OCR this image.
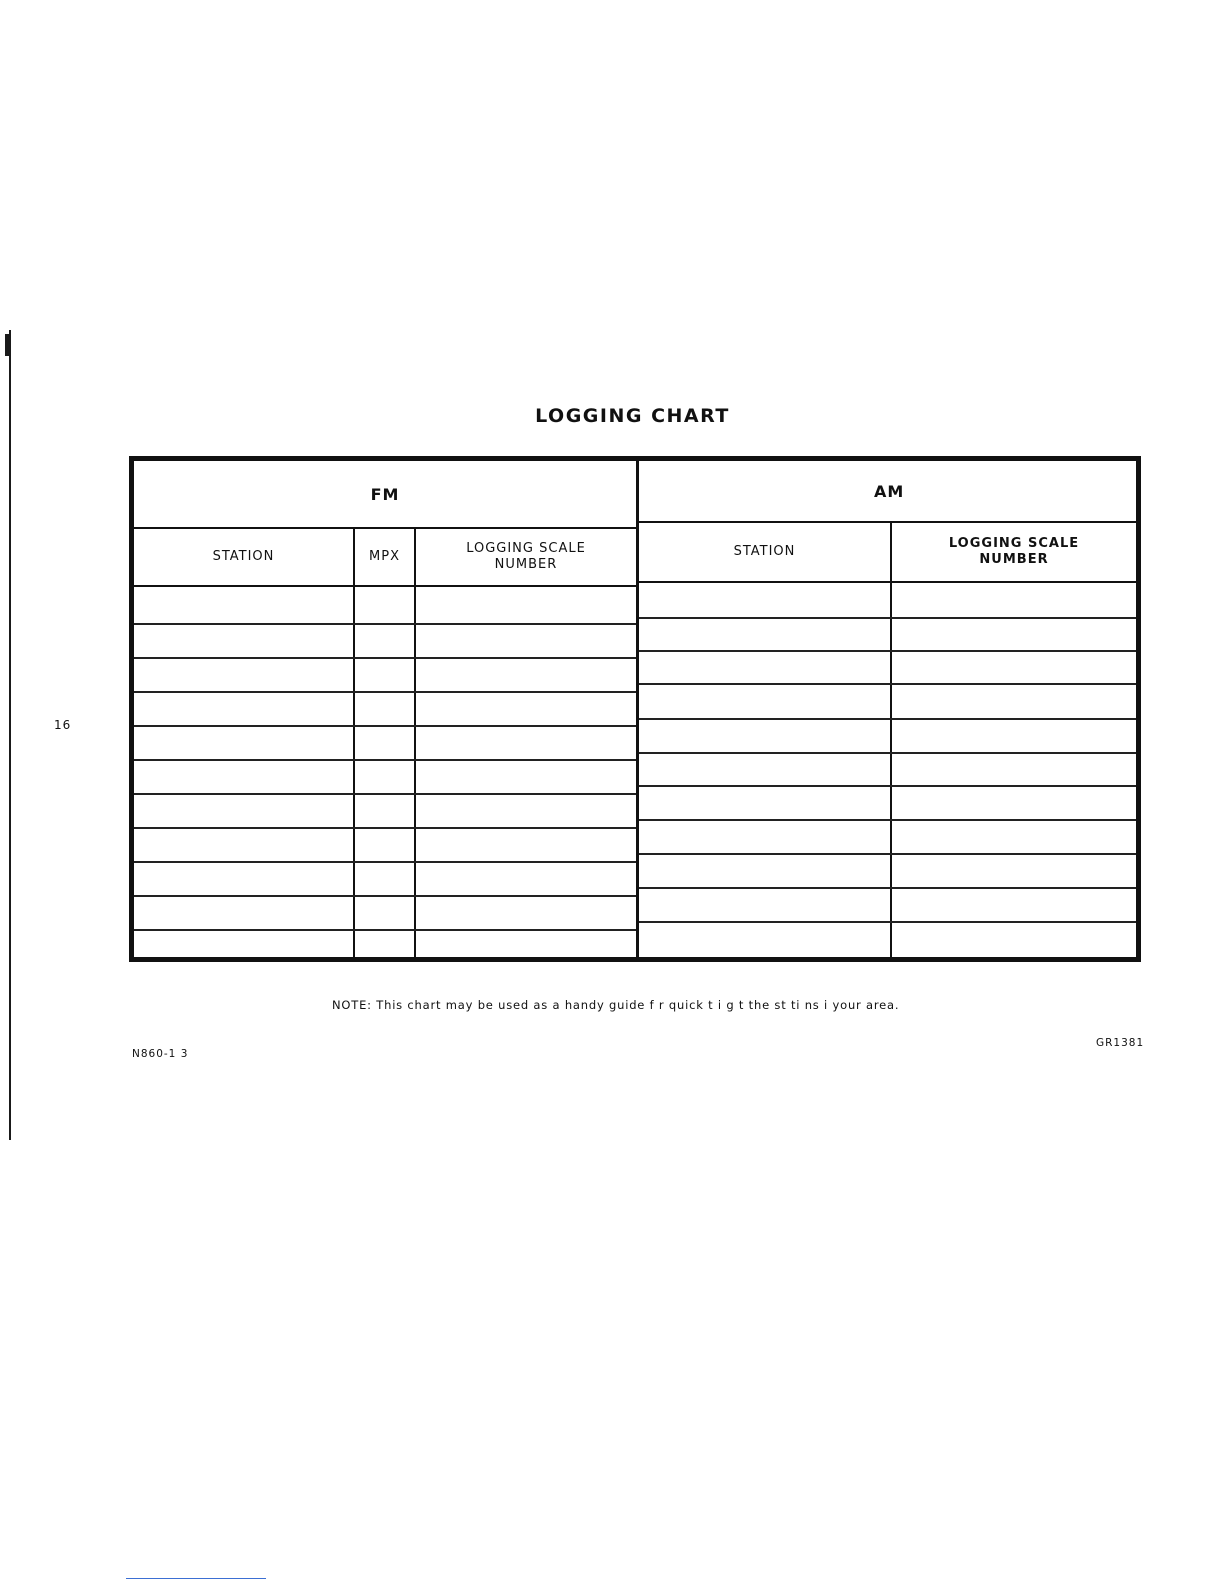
16
LOGGING CHART
FM
STATION	MPX
LOGGING SCALE
NUMBER
AM
STATION
LOGGING SCALE
NUMBER
NOTE: This chart may be used as a handy guide f r quick t i g t the st ti ns i your area.
N860-1 3
GR1381
